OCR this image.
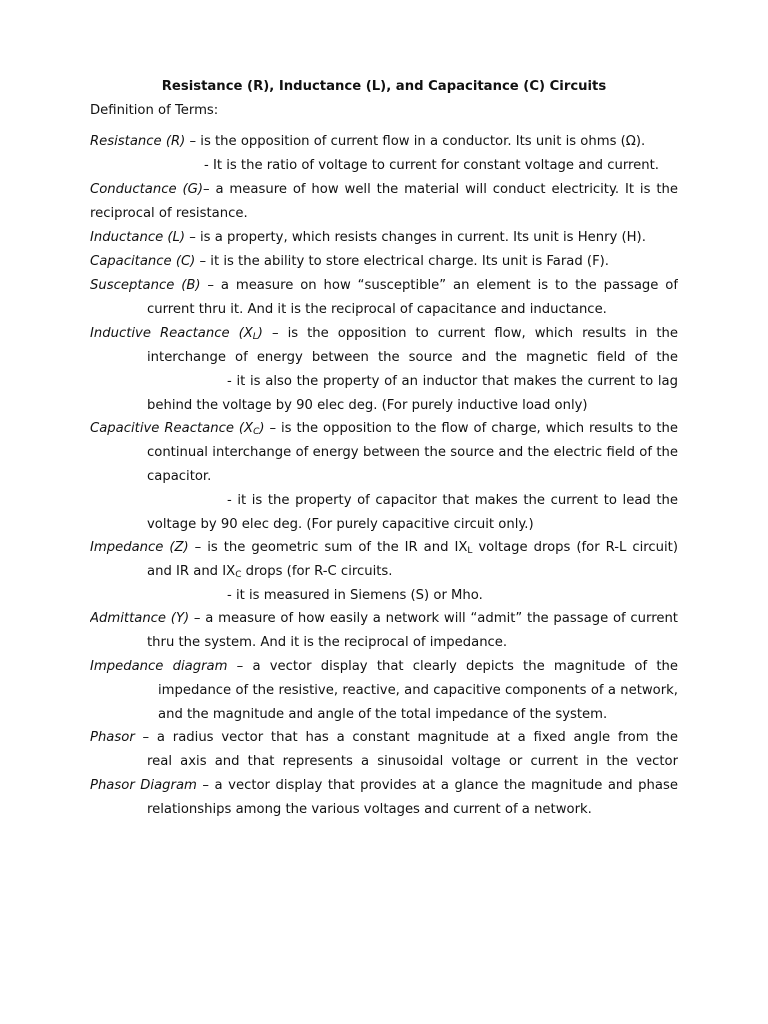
Resistance (R), Inductance (L), and Capacitance (C) Circuits
Definition of Terms:
Resistance (R) – is the opposition of current flow in a conductor. Its unit is ohms (Ω).
- It is the ratio of voltage to current for constant voltage and current.
Conductance (G)– a measure of how well the material will conduct electricity. It is the
reciprocal of resistance.
Inductance (L) – is a property, which resists changes in current. Its unit is Henry (H).
Capacitance (C) – it is the ability to store electrical charge. Its unit is Farad (F).
Susceptance (B) – a measure on how “susceptible” an element is to the passage of
current thru it. And it is the reciprocal of capacitance and inductance.
Inductive Reactance $(X_L)$ – is the opposition to current flow, which results in the
interchange of energy between the source and the magnetic field of the
- it is also the property of an inductor that makes the current to lag
behind the voltage by 90 elec deg. (For purely inductive load only)
Capacitive Reactance $(X_C)$ – is the opposition to the flow of charge, which results to the
continual interchange of energy between the source and the electric field of the
capacitor.
- it is the property of capacitor that makes the current to lead the
voltage by 90 elec deg. (For purely capacitive circuit only.)
Impedance (Z) – is the geometric sum of the IR and $IX_L$ voltage drops (for R-L circuit)
and IR and $IX_C$ drops (for R-C circuits.
- it is measured in Siemens (S) or Mho.
Admittance (Y) – a measure of how easily a network will “admit” the passage of current
thru the system. And it is the reciprocal of impedance.
Impedance diagram – a vector display that clearly depicts the magnitude of the
impedance of the resistive, reactive, and capacitive components of a network,
and the magnitude and angle of the total impedance of the system.
Phasor – a radius vector that has a constant magnitude at a fixed angle from the
real axis and that represents a sinusoidal voltage or current in the vector
Phasor Diagram – a vector display that provides at a glance the magnitude and phase
relationships among the various voltages and current of a network.
